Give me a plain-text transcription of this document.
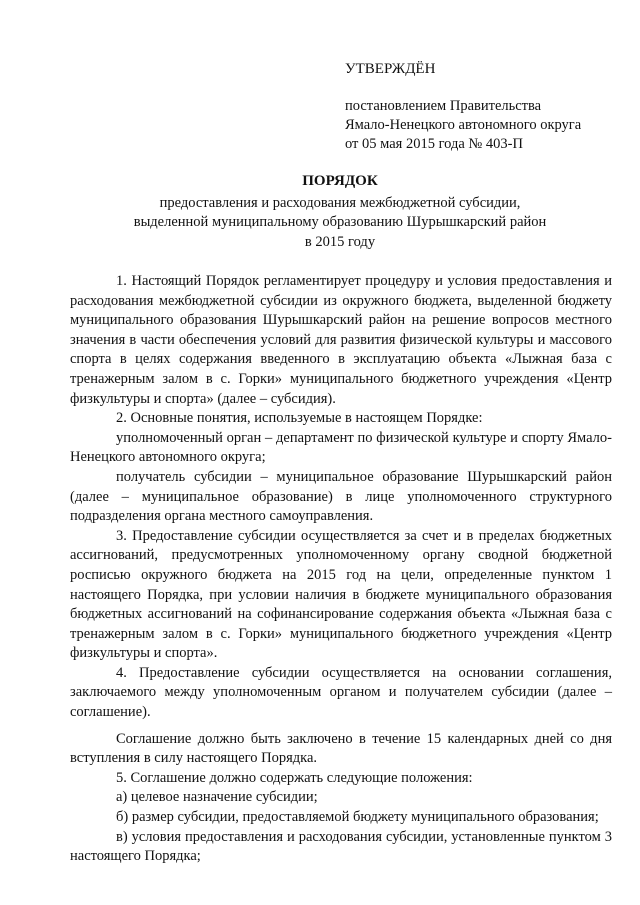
УТВЕРЖДЁН
постановлением Правительства
Ямало-Ненецкого автономного округа
от 05 мая 2015 года № 403-П
ПОРЯДОК
предоставления и расходования межбюджетной субсидии,
выделенной муниципальному образованию Шурышкарский район
в 2015 году

1. Настоящий Порядок регламентирует процедуру и условия предоставления и расходования межбюджетной субсидии из окружного бюджета, выделенной бюджету муниципального образования Шурышкарский район на решение вопросов местного значения в части обеспечения условий для развития физической культуры и массового спорта в целях содержания введенного в эксплуатацию объекта «Лыжная база с тренажерным залом в с. Горки» муниципального бюджетного учреждения «Центр физкультуры и спорта» (далее – субсидия).

2. Основные понятия, используемые в настоящем Порядке:

уполномоченный орган – департамент по физической культуре и спорту Ямало-Ненецкого автономного округа;

получатель субсидии – муниципальное образование Шурышкарский район (далее – муниципальное образование) в лице уполномоченного структурного подразделения органа местного самоуправления.

3. Предоставление субсидии осуществляется за счет и в пределах бюджетных ассигнований, предусмотренных уполномоченному органу сводной бюджетной росписью окружного бюджета на 2015 год на цели, определенные пунктом 1 настоящего Порядка, при условии наличия в бюджете муниципального образования бюджетных ассигнований на софинансирование содержания объекта «Лыжная база с тренажерным залом в с. Горки» муниципального бюджетного учреждения «Центр физкультуры и спорта».

4. Предоставление субсидии осуществляется на основании соглашения, заключаемого между уполномоченным органом и получателем субсидии (далее – соглашение).

Соглашение должно быть заключено в течение 15 календарных дней со дня вступления в силу настоящего Порядка.

5. Соглашение должно содержать следующие положения:

а) целевое назначение субсидии;

б) размер субсидии, предоставляемой бюджету муниципального образования;

в) условия предоставления и расходования субсидии, установленные пунктом 3 настоящего Порядка;
